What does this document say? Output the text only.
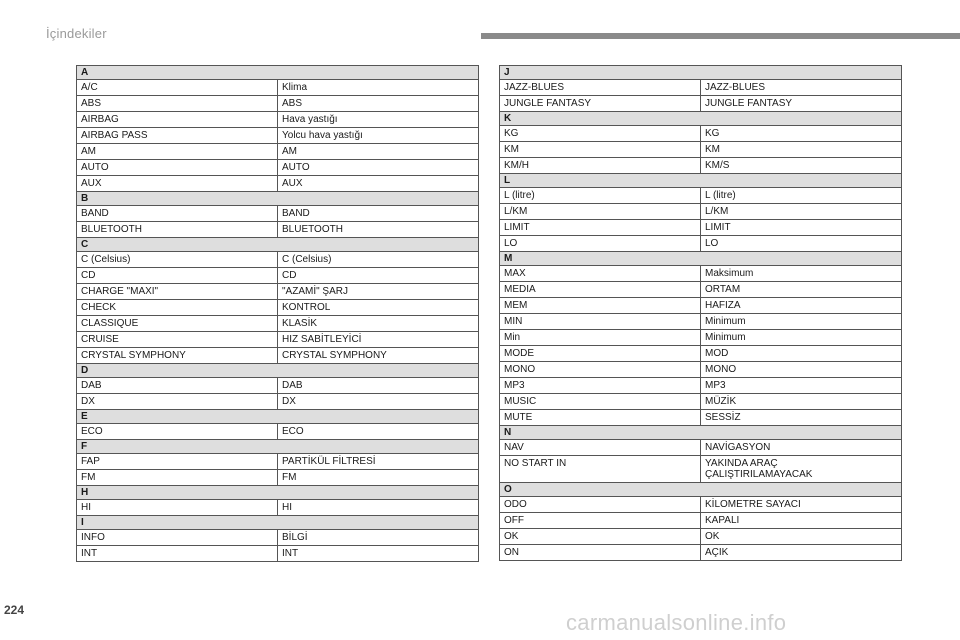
İçindekiler
A	
A/C	Klima
ABS	ABS
AIRBAG	Hava yastığı
AIRBAG PASS	Yolcu hava yastığı
AM	AM
AUTO	AUTO
AUX	AUX
B	
BAND	BAND
BLUETOOTH	BLUETOOTH
C	
C (Celsius)	C (Celsius)
CD	CD
CHARGE "MAXI"	"AZAMİ" ŞARJ
CHECK	KONTROL
CLASSIQUE	KLASİK
CRUISE	HIZ SABİTLEYİCİ
CRYSTAL SYMPHONY	CRYSTAL SYMPHONY
D	
DAB	DAB
DX	DX
E	
ECO	ECO
F	
FAP	PARTİKÜL FİLTRESİ
FM	FM
H	
HI	HI
I	
INFO	BİLGİ
INT	INT
J	
JAZZ-BLUES	JAZZ-BLUES
JUNGLE FANTASY	JUNGLE FANTASY
K	
KG	KG
KM	KM
KM/H	KM/S
L	
L (litre)	L (litre)
L/KM	L/KM
LIMIT	LIMIT
LO	LO
M	
MAX	Maksimum
MEDIA	ORTAM
MEM	HAFIZA
MIN	Minimum
Min	Minimum
MODE	MOD
MONO	MONO
MP3	MP3
MUSIC	MÜZİK
MUTE	SESSİZ
N	
NAV	NAVİGASYON
NO START IN	YAKINDA ARAÇ
ÇALIŞTIRILAMAYACAK
O	
ODO	KİLOMETRE SAYACI
OFF	KAPALI
OK	OK
ON	AÇIK
224	carmanualsonline.info
